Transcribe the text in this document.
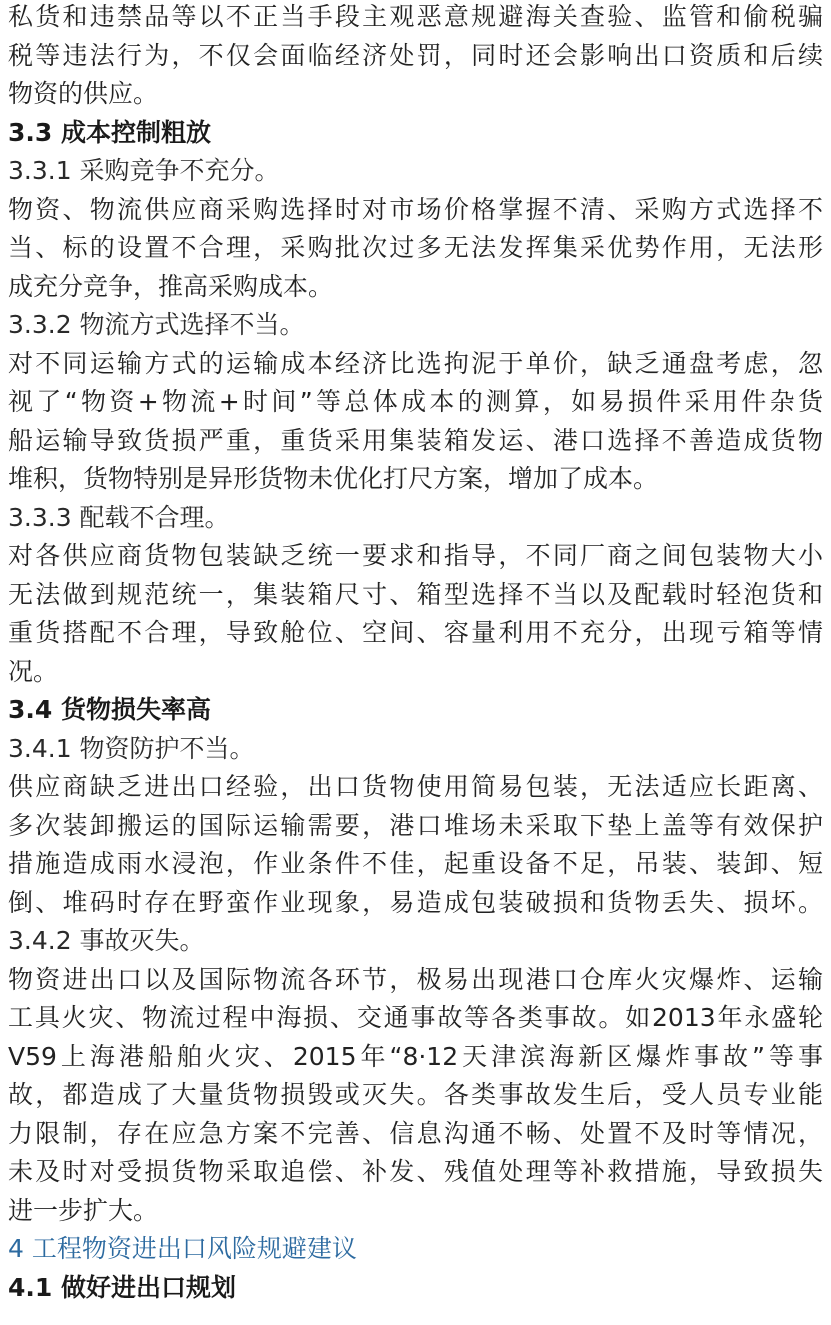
私货和违禁品等以不正当手段主观恶意规避海关查验、监管和偷税骗
税等违法行为，不仅会面临经济处罚，同时还会影响出口资质和后续
物资的供应。
3.3 成本控制粗放
3.3.1 采购竞争不充分。
物资、物流供应商采购选择时对市场价格掌握不清、采购方式选择不
当、标的设置不合理，采购批次过多无法发挥集采优势作用，无法形
成充分竞争，推高采购成本。
3.3.2 物流方式选择不当。
对不同运输方式的运输成本经济比选拘泥于单价，缺乏通盘考虑，忽
视了“物资+物流+时间”等总体成本的测算，如易损件采用件杂货
船运输导致货损严重，重货采用集装箱发运、港口选择不善造成货物
堆积，货物特别是异形货物未优化打尺方案，增加了成本。
3.3.3 配载不合理。
对各供应商货物包装缺乏统一要求和指导，不同厂商之间包装物大小
无法做到规范统一，集装箱尺寸、箱型选择不当以及配载时轻泡货和
重货搭配不合理，导致舱位、空间、容量利用不充分，出现亏箱等情
况。
3.4 货物损失率高
3.4.1 物资防护不当。
供应商缺乏进出口经验，出口货物使用简易包装，无法适应长距离、
多次装卸搬运的国际运输需要，港口堆场未采取下垫上盖等有效保护
措施造成雨水浸泡，作业条件不佳，起重设备不足，吊装、装卸、短
倒、堆码时存在野蛮作业现象，易造成包装破损和货物丢失、损坏。
3.4.2 事故灭失。
物资进出口以及国际物流各环节，极易出现港口仓库火灾爆炸、运输
工具火灾、物流过程中海损、交通事故等各类事故。如2013年永盛轮
V59上海港船舶火灾、2015年“8·12天津滨海新区爆炸事故”等事
故，都造成了大量货物损毁或灭失。各类事故发生后，受人员专业能
力限制，存在应急方案不完善、信息沟通不畅、处置不及时等情况，
未及时对受损货物采取追偿、补发、残值处理等补救措施，导致损失
进一步扩大。
4 工程物资进出口风险规避建议
4.1 做好进出口规划
